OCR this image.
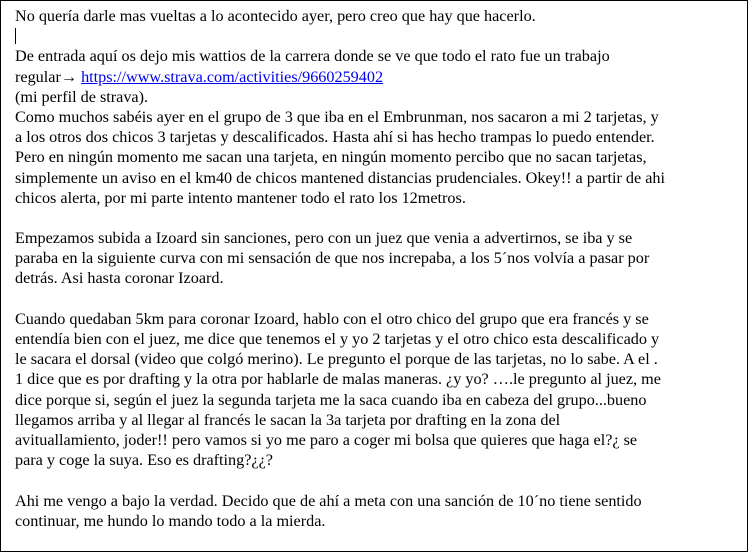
No quería darle mas vueltas a lo acontecido ayer, pero creo que hay que hacerlo.
De entrada aquí os dejo mis wattios de la carrera donde se ve que todo el rato fue un trabajo
regular→ https://www.strava.com/activities/9660259402
(mi perfil de strava).
Como muchos sabéis ayer en el grupo de 3 que iba en el Embrunman, nos sacaron a mi 2 tarjetas, y
a los otros dos chicos 3 tarjetas y descalificados. Hasta ahí si has hecho trampas lo puedo entender.
Pero en ningún momento me sacan una tarjeta, en ningún momento percibo que no sacan tarjetas,
simplemente un aviso en el km40 de chicos mantened distancias prudenciales. Okey!! a partir de ahi
chicos alerta, por mi parte intento mantener todo el rato los 12metros.
Empezamos subida a Izoard sin sanciones, pero con un juez que venia a advertirnos, se iba y se
paraba en la siguiente curva con mi sensación de que nos increpaba, a los 5´nos volvía a pasar por
detrás. Asi hasta coronar Izoard.
Cuando quedaban 5km para coronar Izoard, hablo con el otro chico del grupo que era francés y se
entendía bien con el juez, me dice que tenemos el y yo 2 tarjetas y el otro chico esta descalificado y
le sacara el dorsal (video que colgó merino). Le pregunto el porque de las tarjetas, no lo sabe. A el .
1 dice que es por drafting y la otra por hablarle de malas maneras. ¿y yo? ….le pregunto al juez, me
dice porque si, según el juez la segunda tarjeta me la saca cuando iba en cabeza del grupo...bueno
llegamos arriba y al llegar al francés le sacan la 3a tarjeta por drafting en la zona del
avituallamiento, joder!! pero vamos si yo me paro a coger mi bolsa que quieres que haga el?¿ se
para y coge la suya. Eso es drafting?¿¿?
Ahi me vengo a bajo la verdad. Decido que de ahí a meta con una sanción de 10´no tiene sentido
continuar, me hundo lo mando todo a la mierda.
